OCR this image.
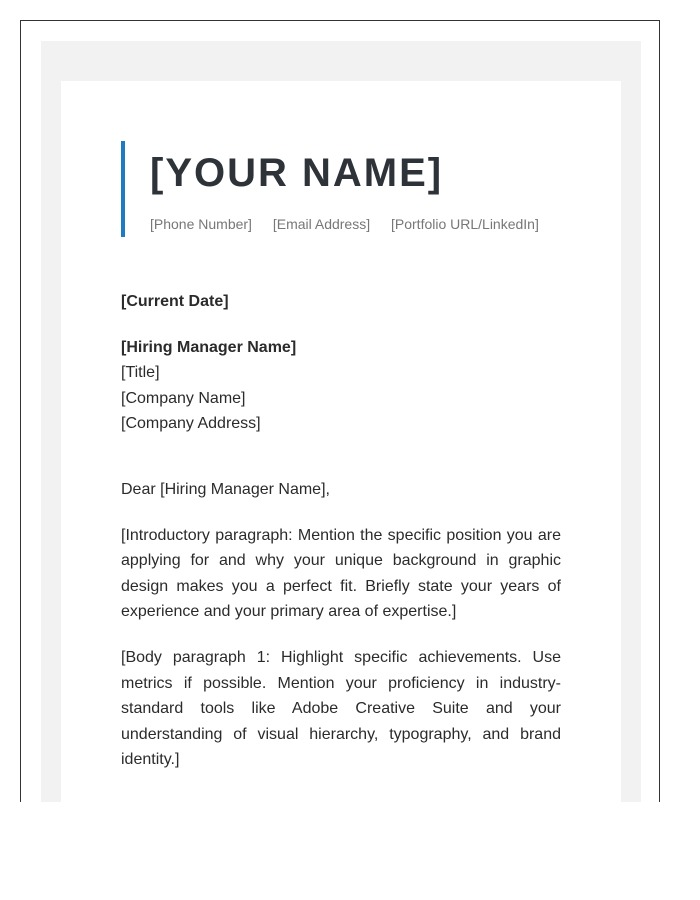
[YOUR NAME]
[Phone Number] [Email Address] [Portfolio URL/LinkedIn]

[Current Date]

[Hiring Manager Name]
[Title]
[Company Name]
[Company Address]

Dear [Hiring Manager Name],

[Introductory paragraph: Mention the specific position you are applying for and why your unique background in graphic design makes you a perfect fit. Briefly state your years of experience and your primary area of expertise.]

[Body paragraph 1: Highlight specific achievements. Use metrics if possible. Mention your proficiency in industry-standard tools like Adobe Creative Suite and your understanding of visual hierarchy, typography, and brand identity.]
